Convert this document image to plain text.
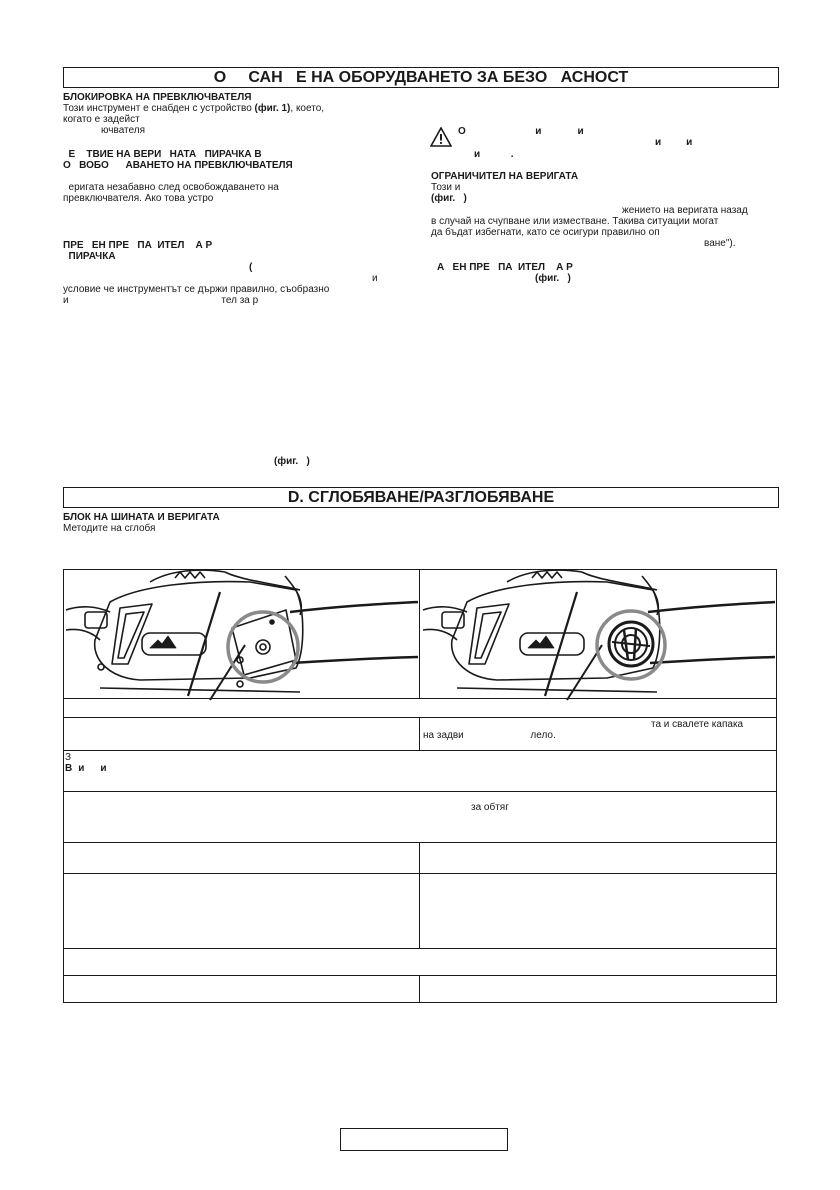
О     САН   Е НА ОБОРУДВАНЕТО ЗА БЕЗО   АСНОСТ
БЛОКИРОВКА НА ПРЕВКЛЮЧВАТЕЛЯ
Този инструмент е снабден с устройство (фиг. 1), което,
когато е задейст
ючвателя
Е    ТВИЕ НА ВЕРИ   НАТА   ПИРАЧКА В
О   ВОБО      АВАНЕТО НА ПРЕВКЛЮЧВАТЕЛЯ
еригата незабавно след освобождаването на
превключвателя. Ако това устро
ПРЕ   ЕН ПРЕ   ПА  ИТЕЛ    А Р
ПИРАЧКА
(
и
условие че инструментът се държи правилно, съобразно
и                                                       тел за р
(фиг.   )
О                         и             и
и         и
и           .
ОГРАНИЧИТЕЛ НА ВЕРИГАТА
Този и
(фиг.   )
жението на веригата назад
в случай на счупване или изместване. Такива ситуации могат
да бъдат избегнати, като се осигури правилно оп
ване").
А   ЕН ПРЕ   ПА  ИТЕЛ    А Р
(фиг.   )
D. СГЛОБЯВАНЕ/РАЗГЛОБЯВАНЕ
БЛОК НА ШИНАТА И ВЕРИГАТА
Методите на сглобя
та и свалете капака
на задви                        лело.
З
В и и
за обтяг
